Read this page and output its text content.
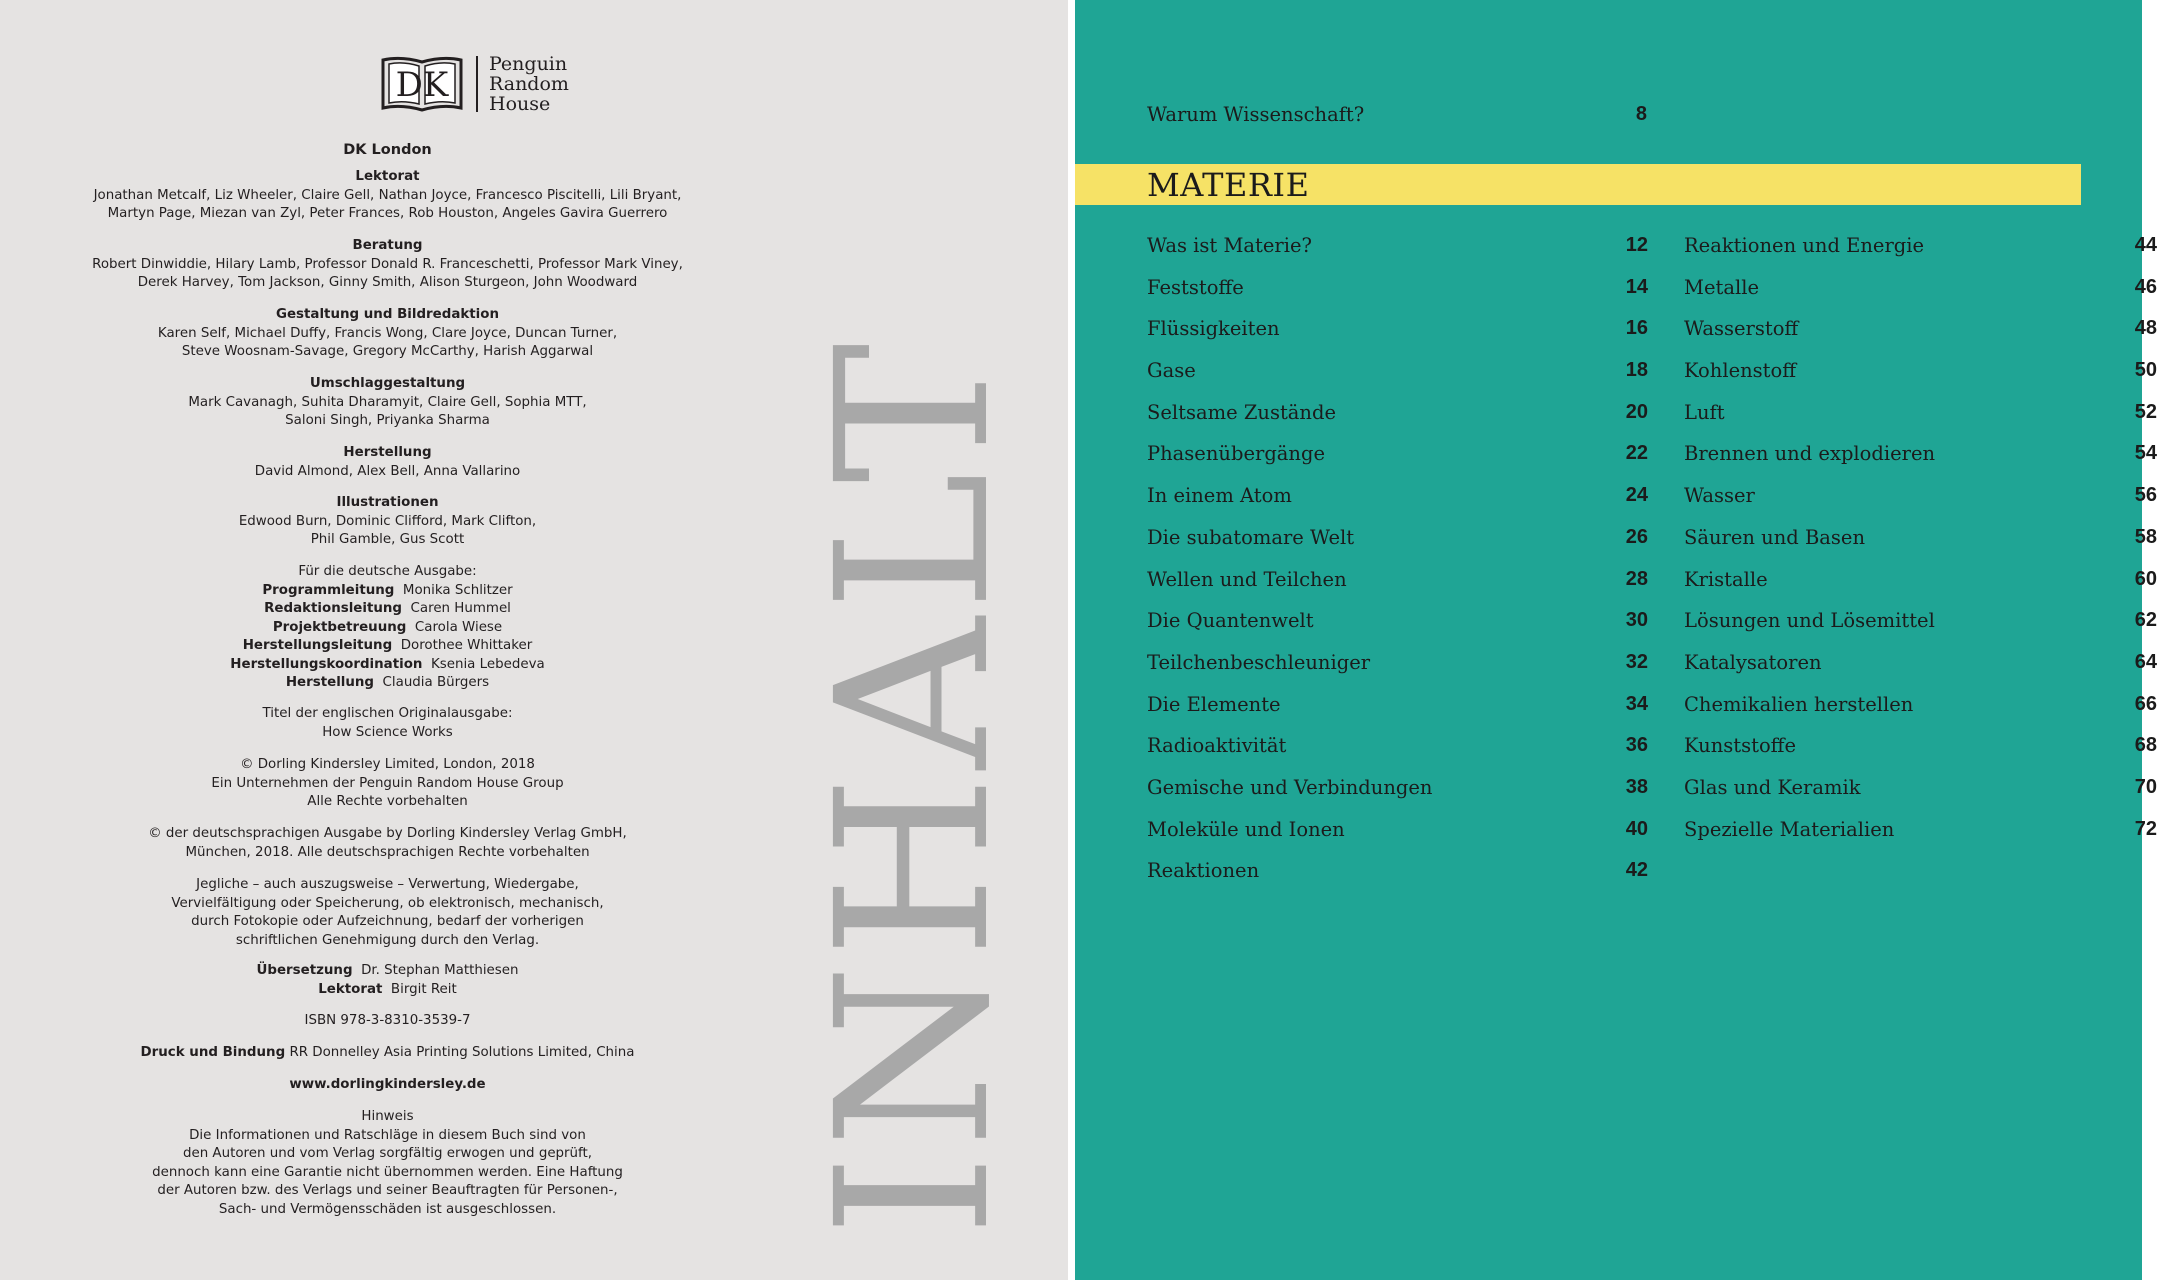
DK
Penguin
Random
House
DK London
Lektorat
Jonathan Metcalf, Liz Wheeler, Claire Gell, Nathan Joyce, Francesco Piscitelli, Lili Bryant,
Martyn Page, Miezan van Zyl, Peter Frances, Rob Houston, Angeles Gavira Guerrero
Beratung
Robert Dinwiddie, Hilary Lamb, Professor Donald R. Franceschetti, Professor Mark Viney,
Derek Harvey, Tom Jackson, Ginny Smith, Alison Sturgeon, John Woodward
Gestaltung und Bildredaktion
Karen Self, Michael Duffy, Francis Wong, Clare Joyce, Duncan Turner,
Steve Woosnam-Savage, Gregory McCarthy, Harish Aggarwal
Umschlaggestaltung
Mark Cavanagh, Suhita Dharamyit, Claire Gell, Sophia MTT,
Saloni Singh, Priyanka Sharma
Herstellung
David Almond, Alex Bell, Anna Vallarino
Illustrationen
Edwood Burn, Dominic Clifford, Mark Clifton,
Phil Gamble, Gus Scott
Für die deutsche Ausgabe:
Programmleitung Monika Schlitzer
Redaktionsleitung Caren Hummel
Projektbetreuung Carola Wiese
Herstellungsleitung Dorothee Whittaker
Herstellungskoordination Ksenia Lebedeva
Herstellung Claudia Bürgers
Titel der englischen Originalausgabe:
How Science Works
© Dorling Kindersley Limited, London, 2018
Ein Unternehmen der Penguin Random House Group
Alle Rechte vorbehalten
© der deutschsprachigen Ausgabe by Dorling Kindersley Verlag GmbH,
München, 2018. Alle deutschsprachigen Rechte vorbehalten
Jegliche – auch auszugsweise – Verwertung, Wiedergabe,
Vervielfältigung oder Speicherung, ob elektronisch, mechanisch,
durch Fotokopie oder Aufzeichnung, bedarf der vorherigen
schriftlichen Genehmigung durch den Verlag.
Übersetzung Dr. Stephan Matthiesen
Lektorat Birgit Reit
ISBN 978-3-8310-3539-7
Druck und Bindung RR Donnelley Asia Printing Solutions Limited, China
www.dorlingkindersley.de
Hinweis
Die Informationen und Ratschläge in diesem Buch sind von
den Autoren und vom Verlag sorgfältig erwogen und geprüft,
dennoch kann eine Garantie nicht übernommen werden. Eine Haftung
der Autoren bzw. des Verlags und seiner Beauftragten für Personen-,
Sach- und Vermögensschäden ist ausgeschlossen.	INHALT
Warum Wissenschaft?	8
MATERIE
Was ist Materie?	12
Feststoffe	14
Flüssigkeiten	16
Gase	18
Seltsame Zustände	20
Phasenübergänge	22
In einem Atom	24
Die subatomare Welt	26
Wellen und Teilchen	28
Die Quantenwelt	30
Teilchenbeschleuniger	32
Die Elemente	34
Radioaktivität	36
Gemische und Verbindungen	38
Moleküle und Ionen	40
Reaktionen	42
Reaktionen und Energie	44
Metalle	46
Wasserstoff	48
Kohlenstoff	50
Luft	52
Brennen und explodieren	54
Wasser	56
Säuren und Basen	58
Kristalle	60
Lösungen und Lösemittel	62
Katalysatoren	64
Chemikalien herstellen	66
Kunststoffe	68
Glas und Keramik	70
Spezielle Materialien	72
